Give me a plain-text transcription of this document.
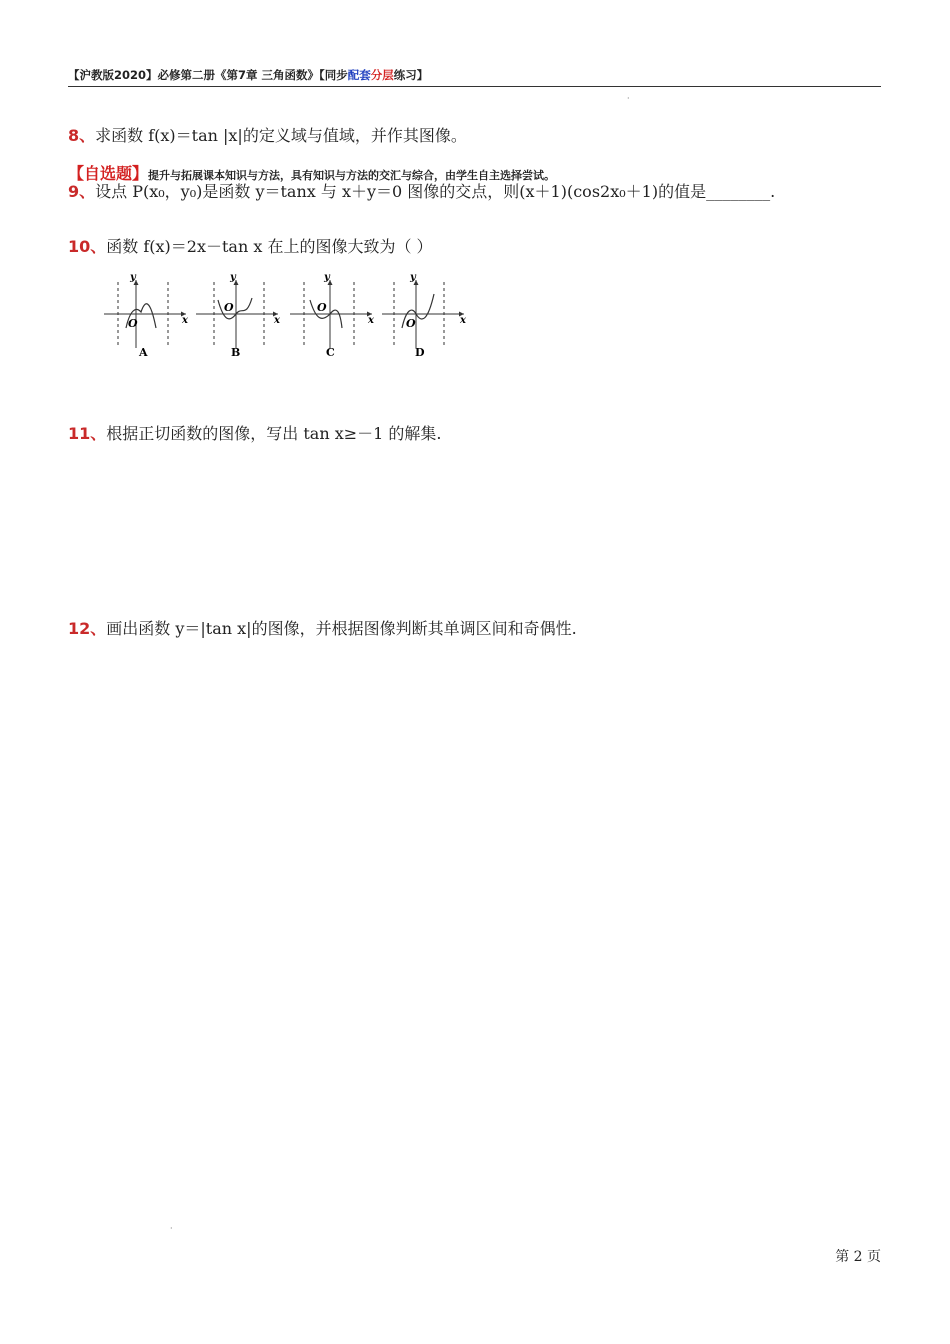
【沪教版2020】必修第二册《第7章 三角函数》【同步配套分层练习】
·
8、求函数 f(x)＝tan |x|的定义域与值域，并作其图像。
【自选题】提升与拓展课本知识与方法，具有知识与方法的交汇与综合，由学生自主选择尝试。
9、设点 P(x₀，y₀)是函数 y＝tanx 与 x＋y＝0 图像的交点，则(x＋1)(cos2x₀＋1)的值是________.
10、函数 f(x)＝2x－tan x 在上的图像大致为（ ）
y
x
O
A
y
x
O
B
y
x
O
C
y
x
O
D
11、根据正切函数的图像，写出 tan x≥－1 的解集.
12、画出函数 y＝|tan x|的图像，并根据图像判断其单调区间和奇偶性.
·
第 2 页
